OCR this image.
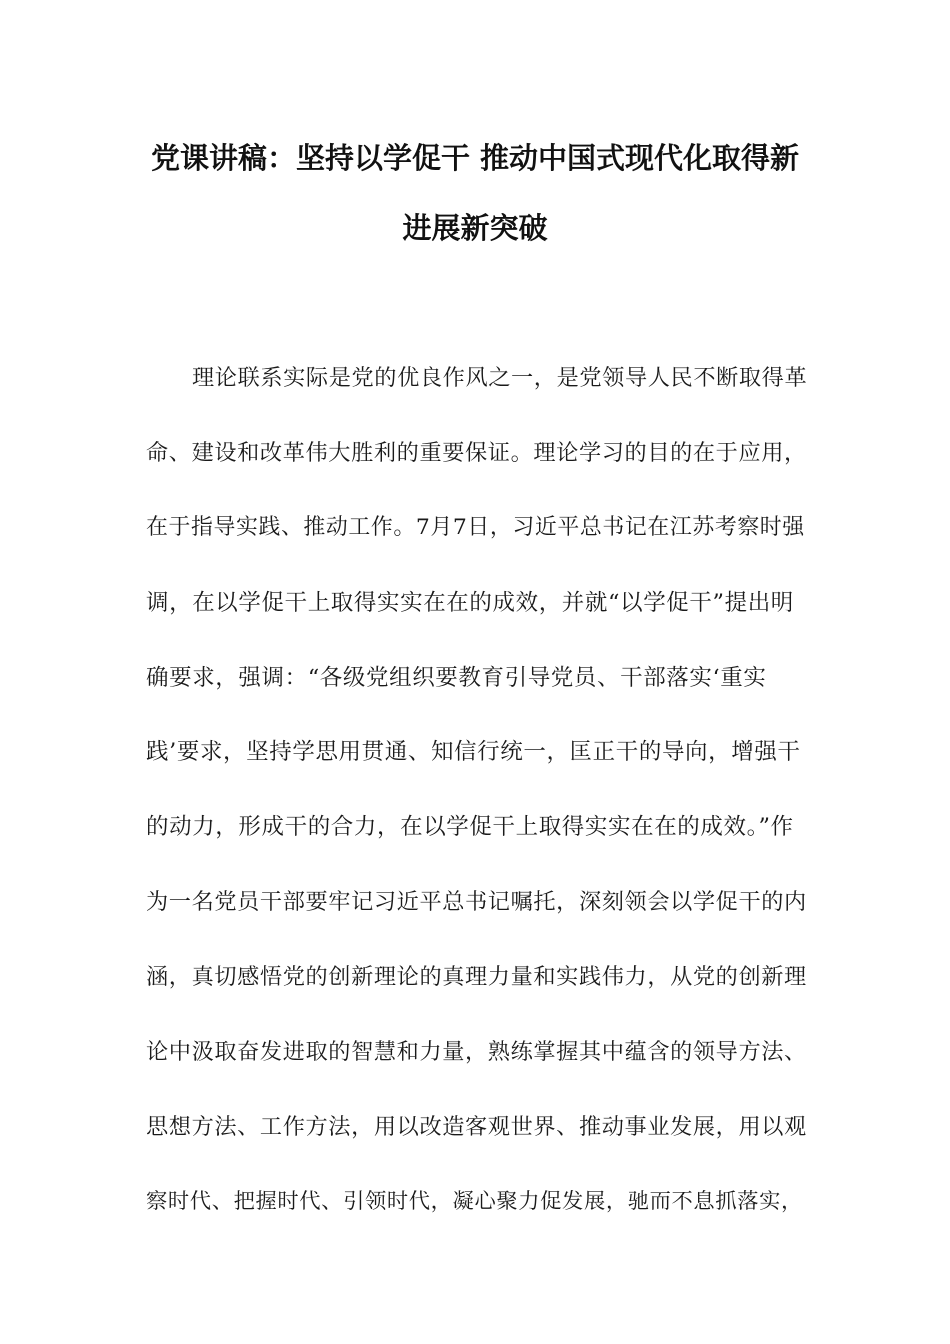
党课讲稿：坚持以学促干 推动中国式现代化取得新
进展新突破
理论联系实际是党的优良作风之一，是党领导人民不断取得革
命、建设和改革伟大胜利的重要保证。理论学习的目的在于应用，
在于指导实践、推动工作。7月7日，习近平总书记在江苏考察时强
调，在以学促干上取得实实在在的成效，并就“以学促干”提出明
确要求，强调：“各级党组织要教育引导党员、干部落实‘重实
践’要求，坚持学思用贯通、知信行统一，匡正干的导向，增强干
的动力，形成干的合力，在以学促干上取得实实在在的成效。”作
为一名党员干部要牢记习近平总书记嘱托，深刻领会以学促干的内
涵，真切感悟党的创新理论的真理力量和实践伟力，从党的创新理
论中汲取奋发进取的智慧和力量，熟练掌握其中蕴含的领导方法、
思想方法、工作方法，用以改造客观世界、推动事业发展，用以观
察时代、把握时代、引领时代，凝心聚力促发展，驰而不息抓落实，
